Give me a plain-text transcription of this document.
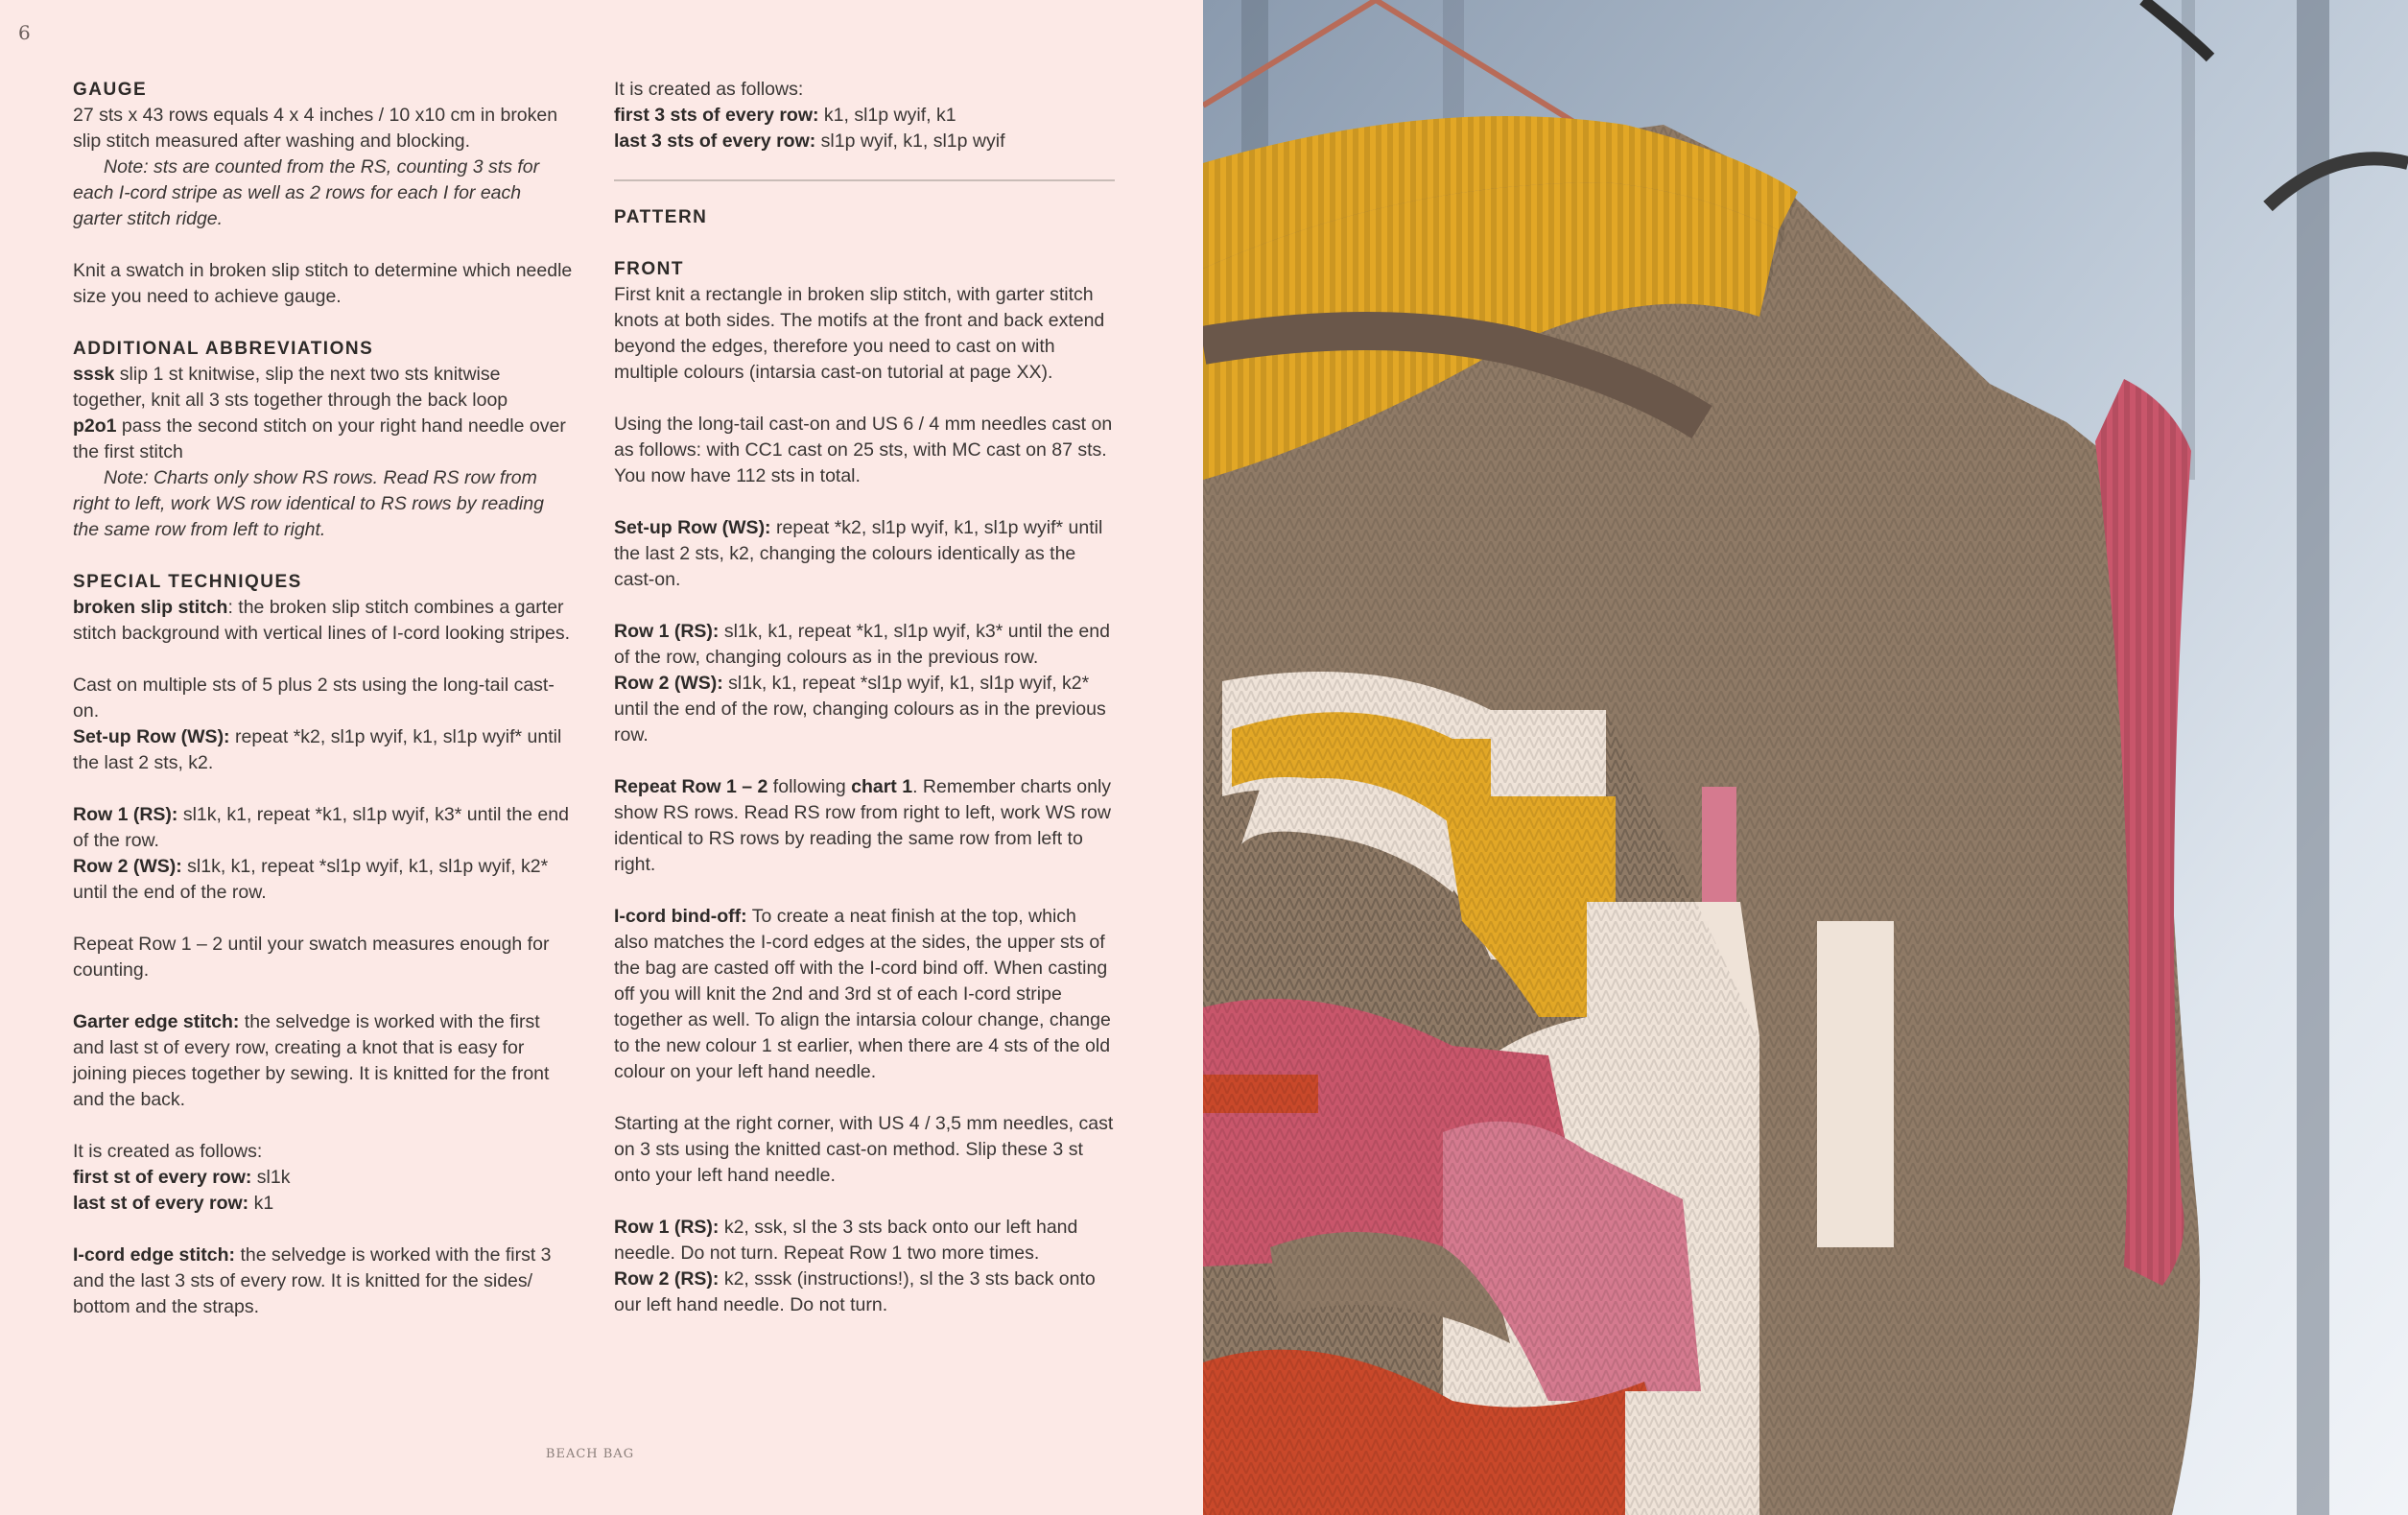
6

GAUGE

27 sts x 43 rows equals 4 x 4 inches / 10 x10 cm in broken slip stitch measured after washing and blocking.

Note: sts are counted from the RS, counting 3 sts for each I-cord stripe as well as 2 rows for each I for each garter stitch ridge.

Knit a swatch in broken slip stitch to determine which needle size you need to achieve gauge.

ADDITIONAL ABBREVIATIONS

sssk slip 1 st knitwise, slip the next two sts knitwise together, knit all 3 sts together through the back loop

p2o1 pass the second stitch on your right hand needle over the first stitch

Note: Charts only show RS rows. Read RS row from right to left, work WS row identical to RS rows by reading the same row from left to right.

SPECIAL TECHNIQUES

broken slip stitch: the broken slip stitch combines a garter stitch background with vertical lines of I-cord looking stripes.

Cast on multiple sts of 5 plus 2 sts using the long-tail cast-on.

Set-up Row (WS): repeat *k2, sl1p wyif, k1, sl1p wyif* until the last 2 sts, k2.

Row 1 (RS): sl1k, k1, repeat *k1, sl1p wyif, k3* until the end of the row.

Row 2 (WS): sl1k, k1, repeat *sl1p wyif, k1, sl1p wyif, k2* until the end of the row.

Repeat Row 1 – 2 until your swatch measures enough for counting.

Garter edge stitch: the selvedge is worked with the first and last st of every row, creating a knot that is easy for joining pieces together by sewing. It is knitted for the front and the back.

It is created as follows:

first st of every row: sl1k

last st of every row: k1

I-cord edge stitch: the selvedge is worked with the first 3 and the last 3 sts of every row. It is knitted for the sides/ bottom and the straps.

It is created as follows:

first 3 sts of every row: k1, sl1p wyif, k1

last 3 sts of every row: sl1p wyif, k1, sl1p wyif

PATTERN

FRONT

First knit a rectangle in broken slip stitch, with garter stitch knots at both sides. The motifs at the front and back extend beyond the edges, therefore you need to cast on with multiple colours (intarsia cast-on tutorial at page XX).

Using the long-tail cast-on and US 6 / 4 mm needles cast on as follows: with CC1 cast on 25 sts, with MC cast on 87 sts. You now have 112 sts in total.

Set-up Row (WS): repeat *k2, sl1p wyif, k1, sl1p wyif* until the last 2 sts, k2, changing the colours identically as the cast-on.

Row 1 (RS): sl1k, k1, repeat *k1, sl1p wyif, k3* until the end of the row, changing colours as in the previous row.

Row 2 (WS): sl1k, k1, repeat *sl1p wyif, k1, sl1p wyif, k2* until the end of the row, changing colours as in the previous row.

Repeat Row 1 – 2 following chart 1. Remember charts only show RS rows. Read RS row from right to left, work WS row identical to RS rows by reading the same row from left to right.

I-cord bind-off: To create a neat finish at the top, which also matches the I-cord edges at the sides, the upper sts of the bag are casted off with the I-cord bind off. When casting off you will knit the 2nd and 3rd st of each I-cord stripe together as well. To align the intarsia colour change, change to the new colour 1 st earlier, when there are 4 sts of the old colour on your left hand needle.

Starting at the right corner, with US 4 / 3,5 mm needles, cast on 3 sts using the knitted cast-on method. Slip these 3 st onto your left hand needle.

Row 1 (RS): k2, ssk, sl the 3 sts back onto our left hand needle. Do not turn. Repeat Row 1 two more times.

Row 2 (RS): k2, sssk (instructions!), sl the 3 sts back onto our left hand needle. Do not turn.

BEACH BAG
